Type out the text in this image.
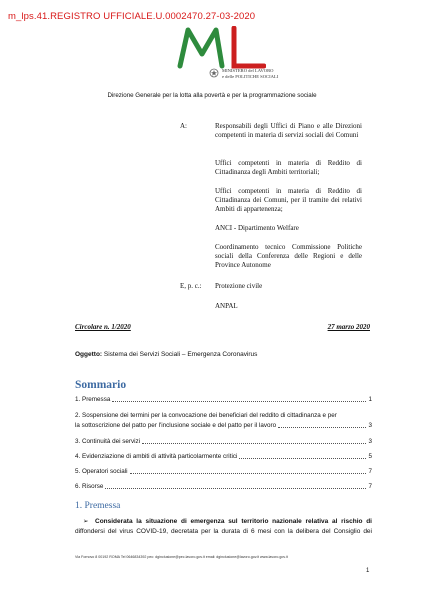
m_lps.41.REGISTRO UFFICIALE.U.0002470.27-03-2020
MINISTERO del LAVORO
e delle POLITICHE SOCIALI
Direzione Generale per la lotta alla povertà e per la programmazione sociale
A:	Responsabili degli Uffici di Piano e alle Direzioni competenti in materia di servizi sociali dei Comuni
Uffici competenti in materia di Reddito di Cittadinanza degli Ambiti territoriali;
Uffici competenti in materia di Reddito di Cittadinanza dei Comuni, per il tramite dei relativi Ambiti di appartenenza;
ANCI - Dipartimento Welfare
Coordinamento tecnico Commissione Politiche sociali della Conferenza delle Regioni e delle Province Autonome
E, p. c.: Protezione civile
ANPAL
Circolare n. 1/2020	27 marzo 2020
Oggetto: Sistema dei Servizi Sociali – Emergenza Coronavirus
Sommario
1. Premessa	1
2. Sospensione dei termini per la convocazione dei beneficiari del reddito di cittadinanza e per
la sottoscrizione del patto per l'inclusione sociale e del patto per il lavoro	3
3. Continuità dei servizi	3
4. Evidenziazione di ambiti di attività particolarmente critici	5
5. Operatori sociali	7
6. Risorse	7
1. Premessa
➢ Considerata la situazione di emergenza sul territorio nazionale relativa al rischio di
diffondersi del virus COVID-19, decretata per la durata di 6 mesi con la delibera del Consiglio dei
Via Fornovo 8 00192 ROMA Tel 0646834392 pec: dginclusione@pec.lavoro.gov.it email: dginclusione@lavoro.gov.it www.lavoro.gov.it
1
